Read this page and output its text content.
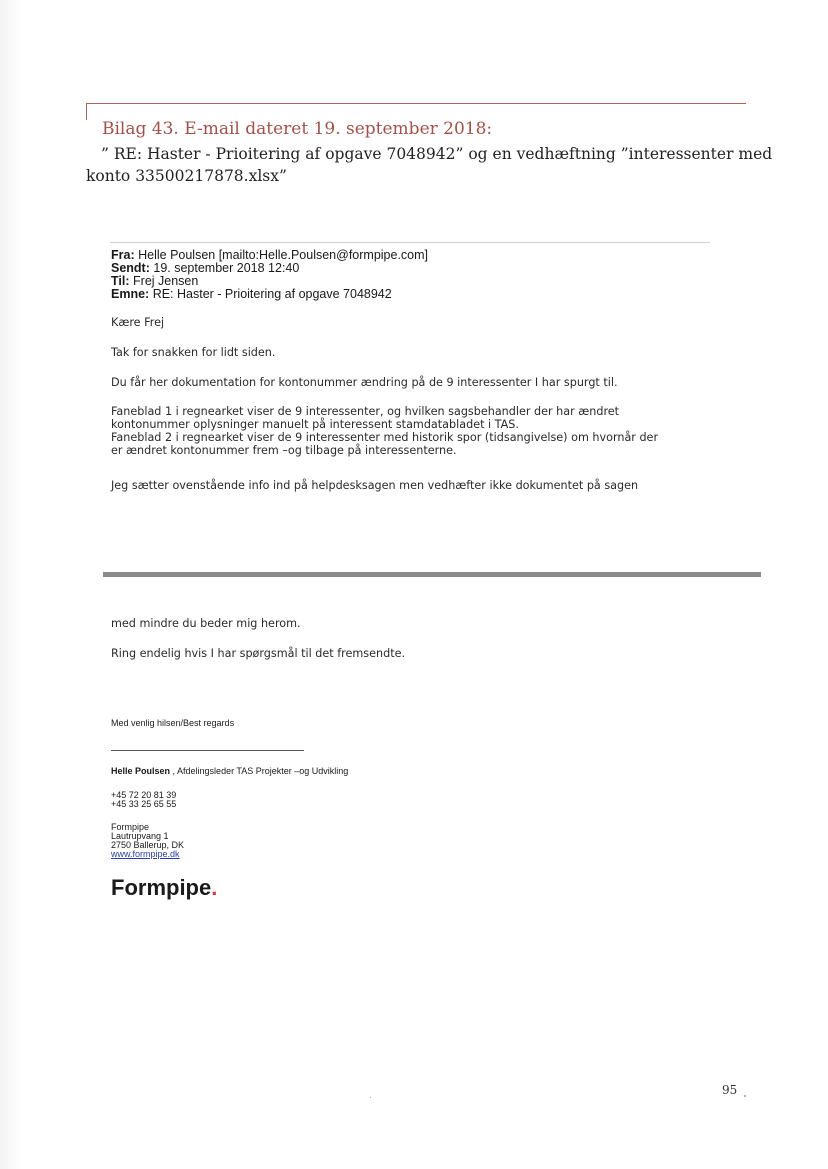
Bilag 43. E-mail dateret 19. september 2018:
” RE: Haster - Prioitering af opgave 7048942” og en vedhæftning ”interessenter med
konto 33500217878.xlsx”
Fra: Helle Poulsen [mailto:Helle.Poulsen@formpipe.com]
Sendt: 19. september 2018 12:40
Til: Frej Jensen
Emne: RE: Haster - Prioitering af opgave 7048942
Kære Frej
Tak for snakken for lidt siden.
Du får her dokumentation for kontonummer ændring på de 9 interessenter I har spurgt til.
Faneblad 1 i regnearket viser de 9 interessenter, og hvilken sagsbehandler der har ændret
kontonummer oplysninger manuelt på interessent stamdatabladet i TAS.
Faneblad 2 i regnearket viser de 9 interessenter med historik spor (tidsangivelse) om hvornår der
er ændret kontonummer frem –og tilbage på interessenterne.
Jeg sætter ovenstående info ind på helpdesksagen men vedhæfter ikke dokumentet på sagen
med mindre du beder mig herom.
Ring endelig hvis I har spørgsmål til det fremsendte.
Med venlig hilsen/Best regards
Helle Poulsen , Afdelingsleder TAS Projekter –og Udvikling
+45 72 20 81 39
+45 33 25 65 55
Formpipe
Lautrupvang 1
2750 Ballerup, DK
www.formpipe.dk
Formpipe.
95
